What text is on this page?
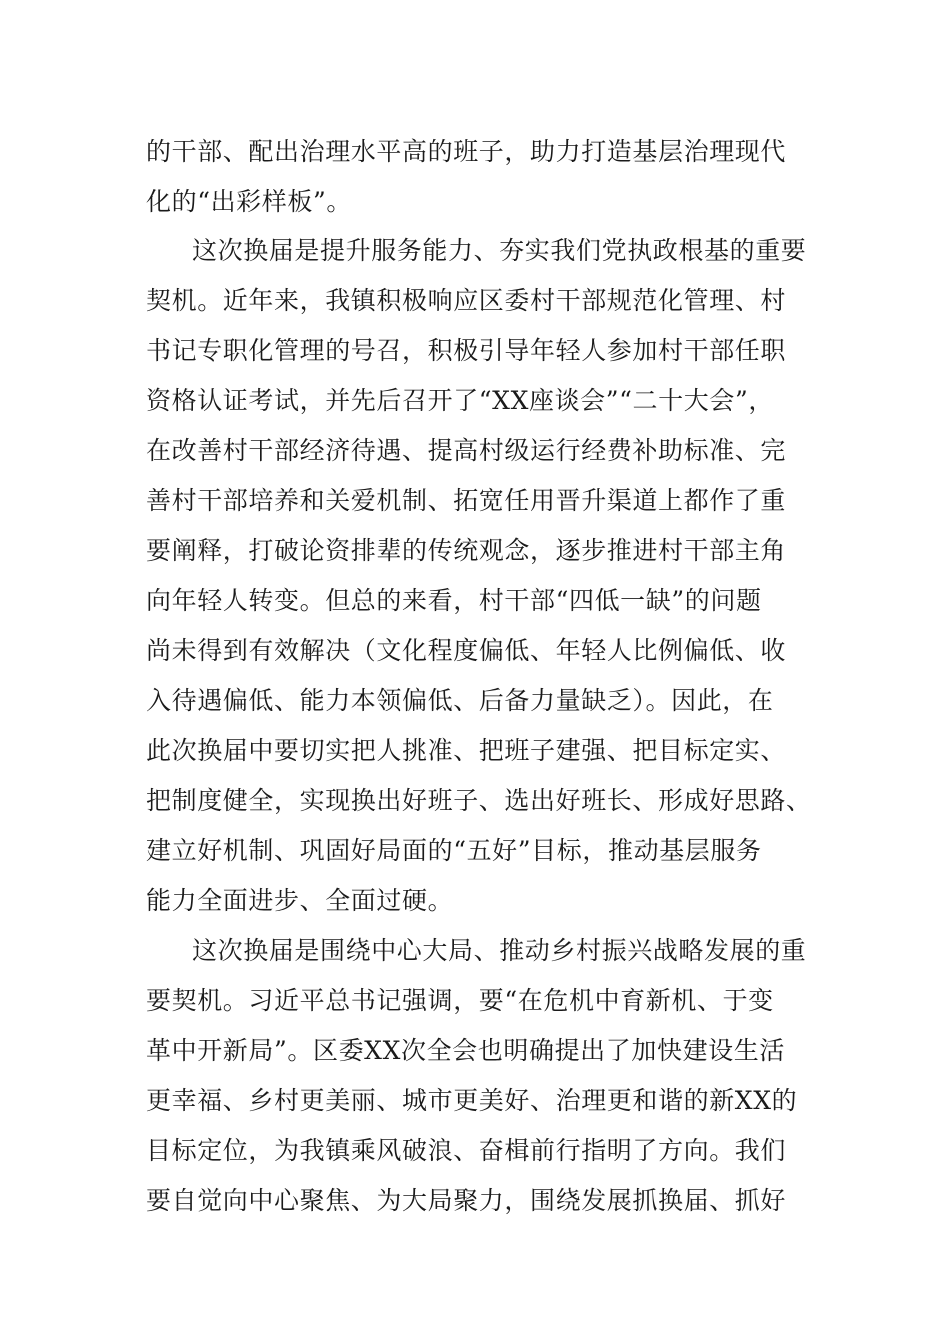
的干部、配出治理水平高的班子，助力打造基层治理现代
化的“出彩样板”。
这次换届是提升服务能力、夯实我们党执政根基的重要
契机。近年来，我镇积极响应区委村干部规范化管理、村
书记专职化管理的号召，积极引导年轻人参加村干部任职
资格认证考试，并先后召开了“XX座谈会”“二十大会”，
在改善村干部经济待遇、提高村级运行经费补助标准、完
善村干部培养和关爱机制、拓宽任用晋升渠道上都作了重
要阐释，打破论资排辈的传统观念，逐步推进村干部主角
向年轻人转变。但总的来看，村干部“四低一缺”的问题
尚未得到有效解决（文化程度偏低、年轻人比例偏低、收
入待遇偏低、能力本领偏低、后备力量缺乏）。因此，在
此次换届中要切实把人挑准、把班子建强、把目标定实、
把制度健全，实现换出好班子、选出好班长、形成好思路、
建立好机制、巩固好局面的“五好”目标，推动基层服务
能力全面进步、全面过硬。
这次换届是围绕中心大局、推动乡村振兴战略发展的重
要契机。习近平总书记强调，要“在危机中育新机、于变
革中开新局”。区委XX次全会也明确提出了加快建设生活
更幸福、乡村更美丽、城市更美好、治理更和谐的新XX的
目标定位，为我镇乘风破浪、奋楫前行指明了方向。我们
要自觉向中心聚焦、为大局聚力，围绕发展抓换届、抓好
